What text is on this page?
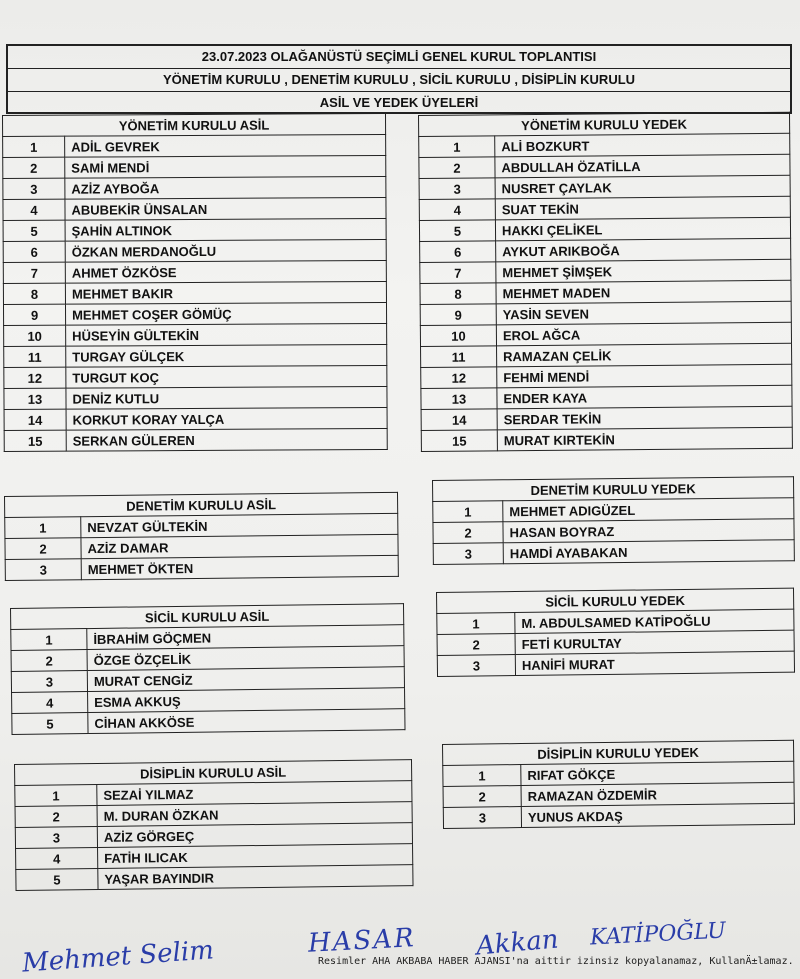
23.07.2023 OLAĞANÜSTÜ SEÇİMLİ GENEL KURUL TOPLANTISI
YÖNETİM KURULU , DENETİM KURULU , SİCİL KURULU , DİSİPLİN KURULU
ASİL VE YEDEK ÜYELERİ
YÖNETİM KURULU ASİL	
1	ADİL GEVREK
2	SAMİ MENDİ
3	AZİZ AYBOĞA
4	ABUBEKİR ÜNSALAN
5	ŞAHİN ALTINOK
6	ÖZKAN MERDANOĞLU
7	AHMET ÖZKÖSE
8	MEHMET BAKIR
9	MEHMET COŞER GÖMÜÇ
10	HÜSEYİN GÜLTEKİN
11	TURGAY GÜLÇEK
12	TURGUT KOÇ
13	DENİZ KUTLU
14	KORKUT KORAY YALÇA
15	SERKAN GÜLEREN
YÖNETİM KURULU YEDEK	
1	ALİ BOZKURT
2	ABDULLAH ÖZATİLLA
3	NUSRET ÇAYLAK
4	SUAT TEKİN
5	HAKKI ÇELİKEL
6	AYKUT ARIKBOĞA
7	MEHMET ŞİMŞEK
8	MEHMET MADEN
9	YASİN SEVEN
10	EROL AĞCA
11	RAMAZAN ÇELİK
12	FEHMİ MENDİ
13	ENDER KAYA
14	SERDAR TEKİN
15	MURAT KIRTEKİN
DENETİM KURULU ASİL	
1	NEVZAT GÜLTEKİN
2	AZİZ DAMAR
3	MEHMET ÖKTEN
DENETİM KURULU YEDEK	
1	MEHMET ADIGÜZEL
2	HASAN BOYRAZ
3	HAMDİ AYABAKAN
SİCİL KURULU ASİL	
1	İBRAHİM GÖÇMEN
2	ÖZGE ÖZÇELİK
3	MURAT CENGİZ
4	ESMA AKKUŞ
5	CİHAN AKKÖSE
SİCİL KURULU YEDEK	
1	M. ABDULSAMED KATİPOĞLU
2	FETİ KURULTAY
3	HANİFİ MURAT
DİSİPLİN KURULU ASİL	
1	SEZAİ YILMAZ
2	M. DURAN ÖZKAN
3	AZİZ GÖRGEÇ
4	FATİH ILICAK
5	YAŞAR BAYINDIR
DİSİPLİN KURULU YEDEK	
1	RIFAT GÖKÇE
2	RAMAZAN ÖZDEMİR
3	YUNUS AKDAŞ
Mehmet Selim	HASAR Akkan KATİPOĞLU
Resimler AHA AKBABA HABER AJANSI'na aittir izinsiz kopyalanamaz, KullanÄ±lamaz.
